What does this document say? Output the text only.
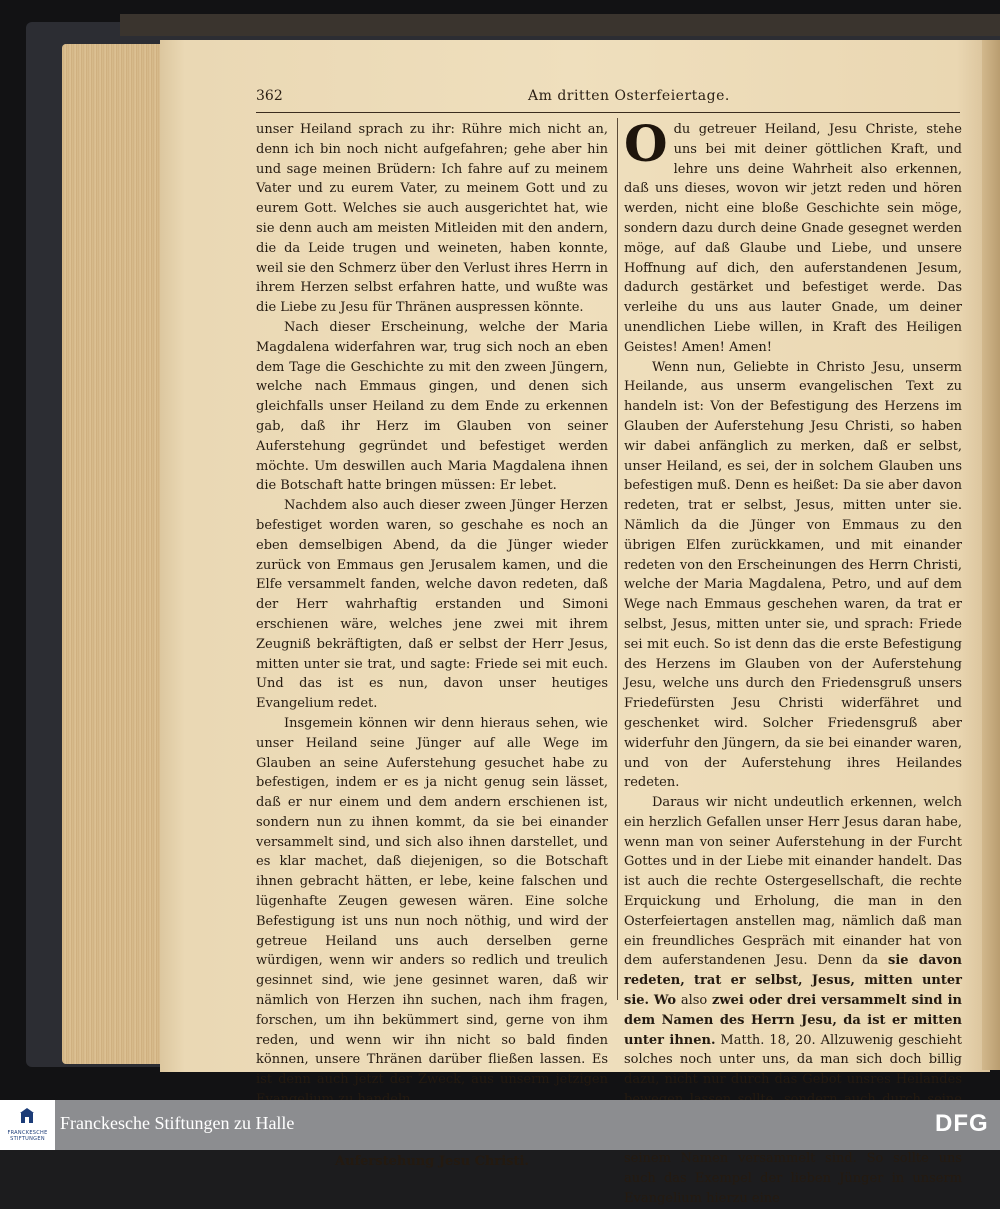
362	Am dritten Osterfeiertage.

unser Heiland sprach zu ihr: Rühre mich nicht an, denn ich bin noch nicht aufgefahren; gehe aber hin und sage meinen Brüdern: Ich fahre auf zu meinem Vater und zu eurem Vater, zu meinem Gott und zu eurem Gott. Welches sie auch ausgerichtet hat, wie sie denn auch am meisten Mitleiden mit den andern, die da Leide trugen und weineten, haben konnte, weil sie den Schmerz über den Verlust ihres Herrn in ihrem Herzen selbst erfahren hatte, und wußte was die Liebe zu Jesu für Thränen auspressen könnte.

Nach dieser Erscheinung, welche der Maria Magdalena widerfahren war, trug sich noch an eben dem Tage die Geschichte zu mit den zween Jüngern, welche nach Emmaus gingen, und denen sich gleichfalls unser Heiland zu dem Ende zu erkennen gab, daß ihr Herz im Glauben von seiner Auferstehung gegründet und befestiget werden möchte. Um deswillen auch Maria Magdalena ihnen die Botschaft hatte bringen müssen: Er lebet.

Nachdem also auch dieser zween Jünger Herzen befestiget worden waren, so geschahe es noch an eben demselbigen Abend, da die Jünger wieder zurück von Emmaus gen Jerusalem kamen, und die Elfe versammelt fanden, welche davon redeten, daß der Herr wahrhaftig erstanden und Simoni erschienen wäre, welches jene zwei mit ihrem Zeugniß bekräftigten, daß er selbst der Herr Jesus, mitten unter sie trat, und sagte: Friede sei mit euch. Und das ist es nun, davon unser heutiges Evangelium redet.

Insgemein können wir denn hieraus sehen, wie unser Heiland seine Jünger auf alle Wege im Glauben an seine Auferstehung gesuchet habe zu befestigen, indem er es ja nicht genug sein lässet, daß er nur einem und dem andern erschienen ist, sondern nun zu ihnen kommt, da sie bei einander versammelt sind, und sich also ihnen darstellet, und es klar machet, daß diejenigen, so die Botschaft ihnen gebracht hätten, er lebe, keine falschen und lügenhafte Zeugen gewesen wären. Eine solche Befestigung ist uns nun noch nöthig, und wird der getreue Heiland uns auch derselben gerne würdigen, wenn wir anders so redlich und treulich gesinnet sind, wie jene gesinnet waren, daß wir nämlich von Herzen ihn suchen, nach ihm fragen, forschen, um ihn bekümmert sind, gerne von ihm reden, und wenn wir ihn nicht so bald finden können, unsere Thränen darüber fließen lassen. Es ist denn auch jetzt der Zweck, aus unserm jetzigen

Auferstehung Jesu Christi.

Odu getreuer Heiland, Jesu Christe, stehe uns bei mit deiner göttlichen Kraft, und lehre uns deine Wahrheit also erkennen, daß uns dieses, wovon wir jetzt reden und hören werden, nicht eine bloße Geschichte sein möge, sondern dazu durch deine Gnade gesegnet werden möge, auf daß Glaube und Liebe, und unsere Hoffnung auf dich, den auferstandenen Jesum, dadurch gestärket und befestiget werde. Das verleihe du uns aus lauter Gnade, um deiner unendlichen Liebe willen, in Kraft des Heiligen Geistes! Amen! Amen!

Wenn nun, Geliebte in Christo Jesu, unserm Heilande, aus unserm evangelischen Text zu handeln ist: Von der Befestigung des Herzens im Glauben der Auferstehung Jesu Christi, so haben wir dabei anfänglich zu merken, daß er selbst, unser Heiland, es sei, der in solchem Glauben uns befestigen muß. Denn es heißet: Da sie aber davon redeten, trat er selbst, Jesus, mitten unter sie. Nämlich da die Jünger von Emmaus zu den übrigen Elfen zurückkamen, und mit einander redeten von den Erscheinungen des Herrn Christi, welche der Maria Magdalena, Petro, und auf dem Wege nach Emmaus geschehen waren, da trat er selbst, Jesus, mitten unter sie, und sprach: Friede sei mit euch. So ist denn das die erste Befestigung des Herzens im Glauben von der Auferstehung Jesu, welche uns durch den Friedensgruß unsers Friedefürsten Jesu Christi widerfähret und geschenket wird. Solcher Friedensgruß aber widerfuhr den Jüngern, da sie bei einander waren, und von der Auferstehung ihres Heilandes redeten.

Daraus wir nicht undeutlich erkennen, welch ein herzlich Gefallen unser Herr Jesus daran habe, wenn man von seiner Auferstehung in der Furcht Gottes und in der Liebe mit einander handelt. Das ist auch die rechte Ostergesellschaft, die rechte Erquickung und Erholung, die man in den Osterfeiertagen anstellen mag, nämlich daß man ein freundliches Gespräch mit einander hat von dem auferstandenen Jesu. Denn da sie davon redeten, trat er selbst, Jesus, mitten unter sie. Wo also zwei oder drei versammelt sind in dem Namen des Herrn Jesu, da ist er mitten unter ihnen. Matth. 18, 20. Allzuwenig geschieht solches noch unter uns, da man sich doch billig dazu, nicht nur durch das Gebot unsres Heilandes seinem Namen versammelt sind. So sollte uns auch das Exempel der lieben Jünger in unserm Evangelium hierzu eine

FRANCKESCHE STIFTUNGEN
Franckesche Stiftungen zu Halle	DFG
